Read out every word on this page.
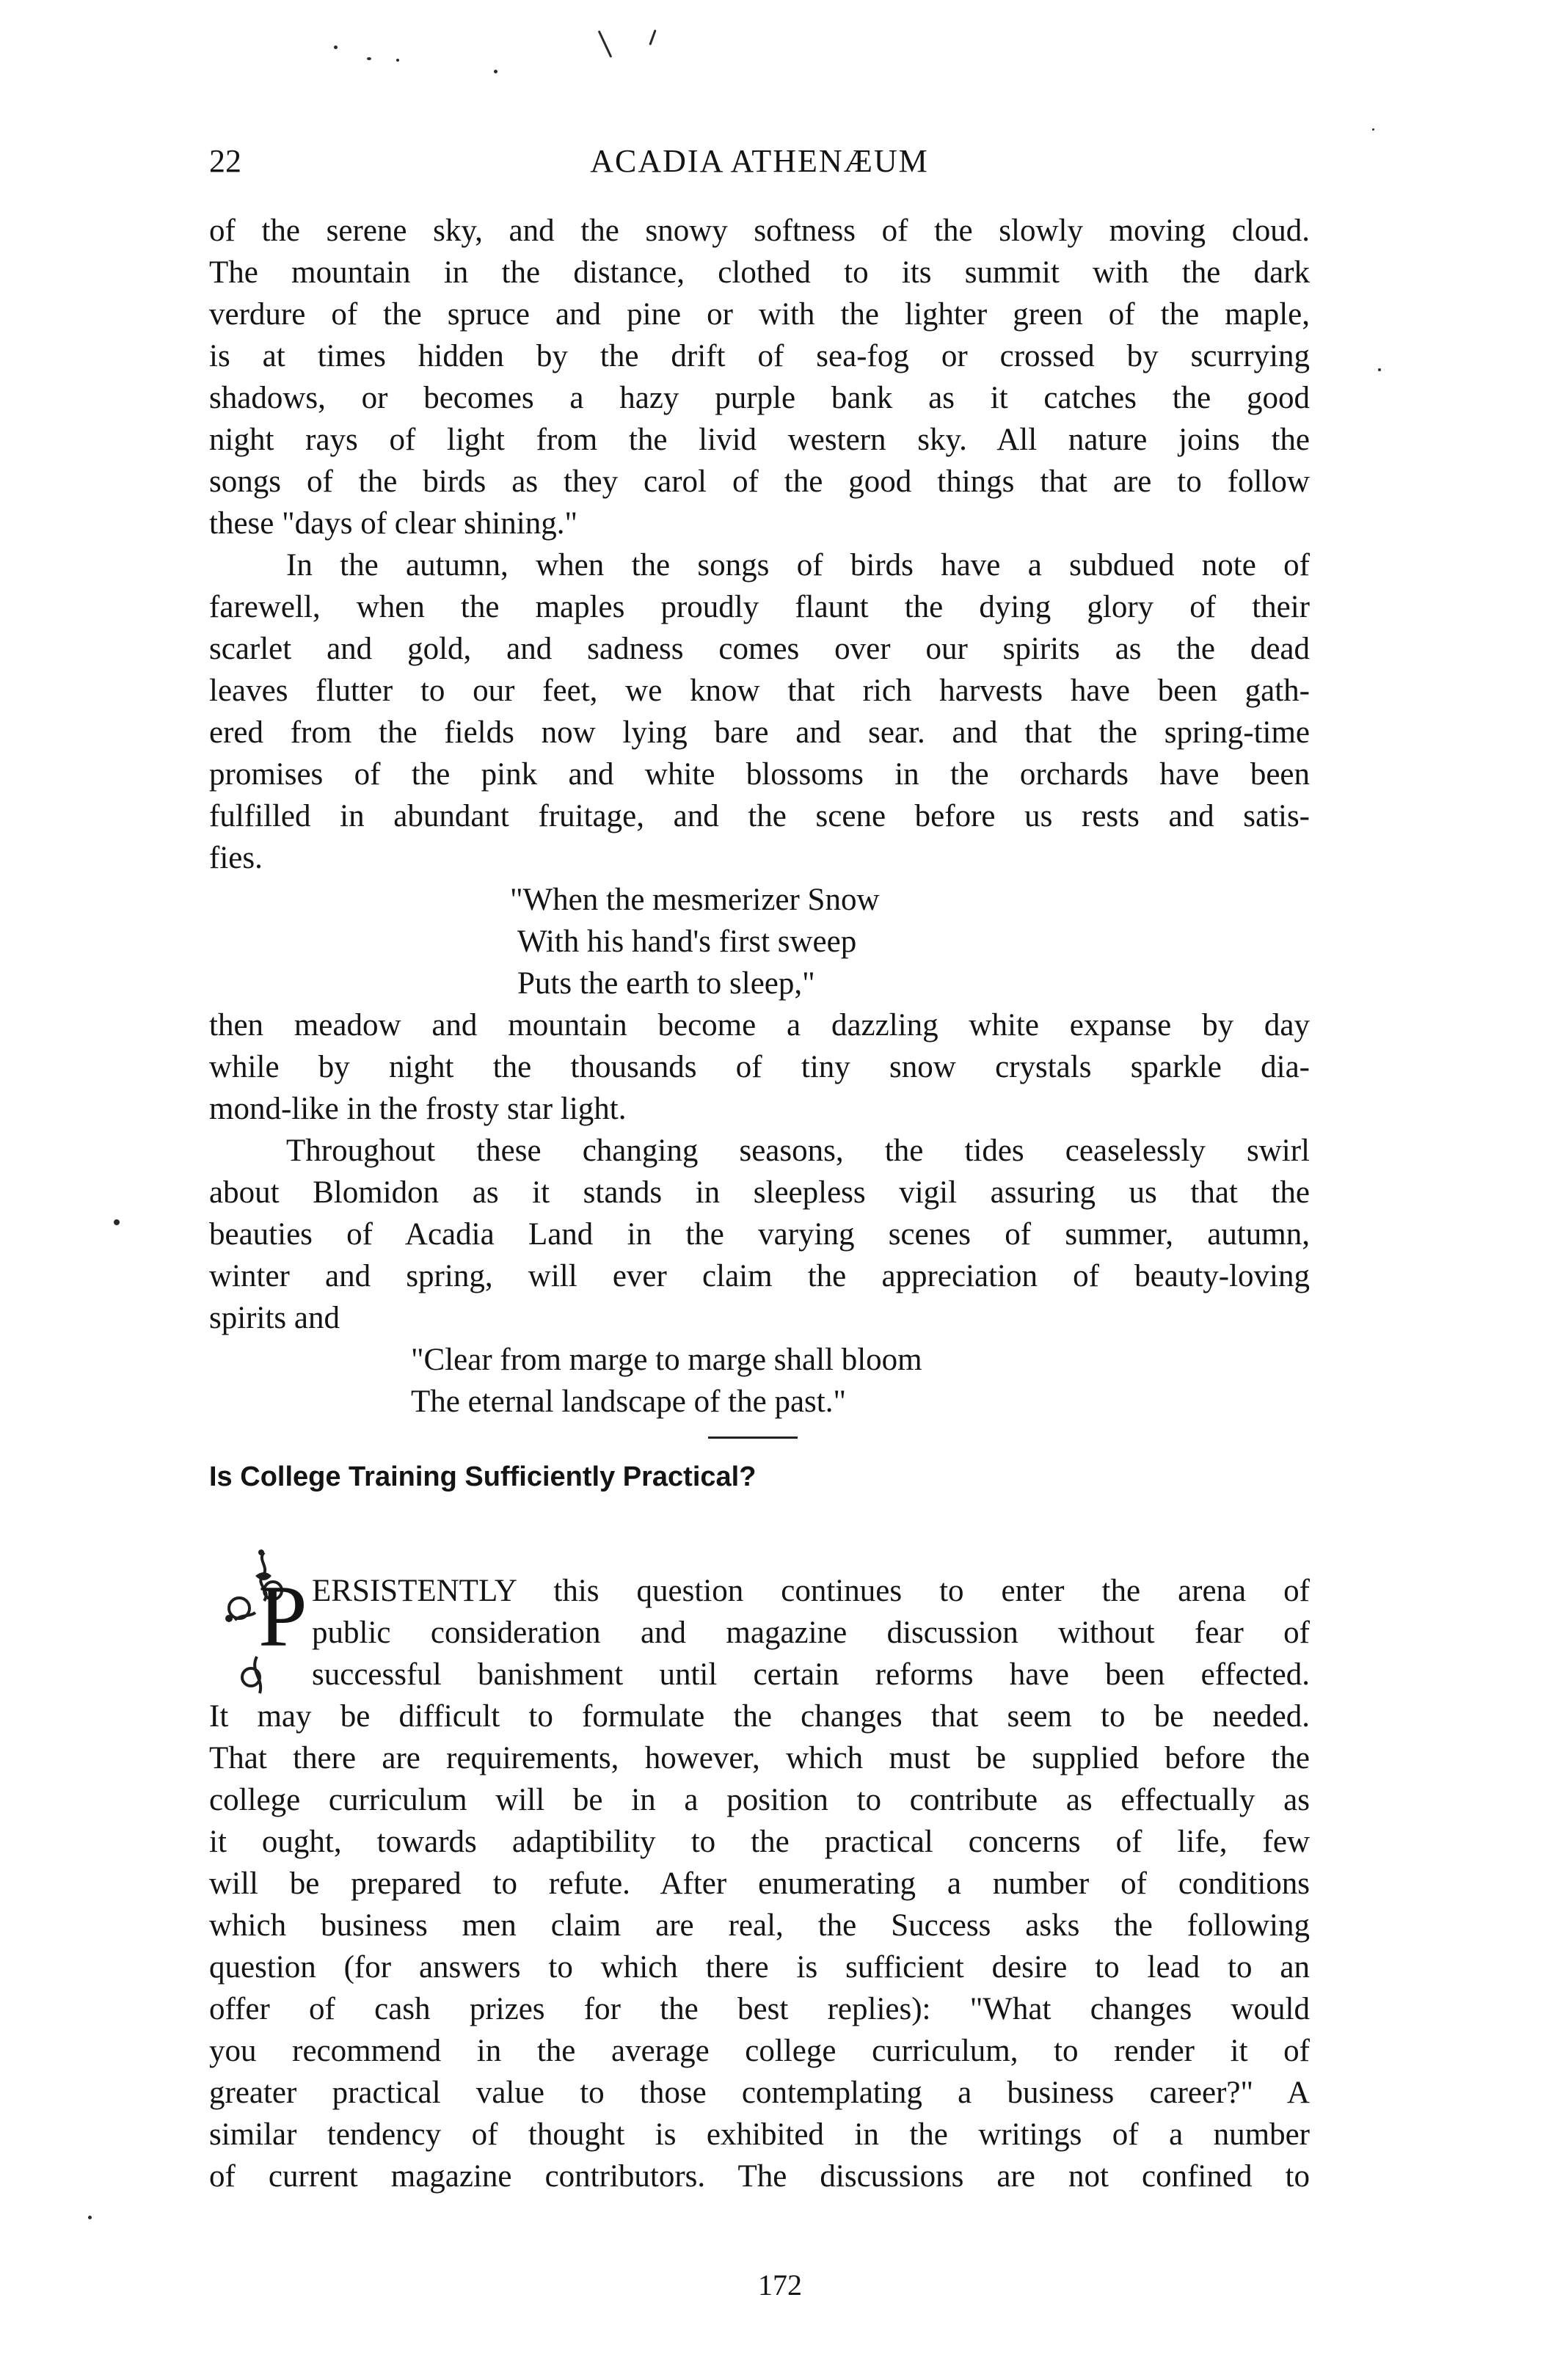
22	ACADIA ATHENÆUM
of the serene sky, and the snowy softness of the slowly moving cloud.
The mountain in the distance, clothed to its summit with the dark
verdure of the spruce and pine or with the lighter green of the maple,
is at times hidden by the drift of sea-fog or crossed by scurrying
shadows, or becomes a hazy purple bank as it catches the good
night rays of light from the livid western sky. All nature joins the
songs of the birds as they carol of the good things that are to follow
these "days of clear shining."
In the autumn, when the songs of birds have a subdued note of
farewell, when the maples proudly flaunt the dying glory of their
scarlet and gold, and sadness comes over our spirits as the dead
leaves flutter to our feet, we know that rich harvests have been gath-
ered from the fields now lying bare and sear. and that the spring-time
promises of the pink and white blossoms in the orchards have been
fulfilled in abundant fruitage, and the scene before us rests and satis-
fies.
"When the mesmerizer Snow
With his hand's first sweep
Puts the earth to sleep,"
then meadow and mountain become a dazzling white expanse by day
while by night the thousands of tiny snow crystals sparkle dia-
mond-like in the frosty star light.
Throughout these changing seasons, the tides ceaselessly swirl
about Blomidon as it stands in sleepless vigil assuring us that the
beauties of Acadia Land in the varying scenes of summer, autumn,
winter and spring, will ever claim the appreciation of beauty-loving
spirits and
"Clear from marge to marge shall bloom
The eternal landscape of the past."
Is College Training Sufficiently Practical?
P ERSISTENTLY this question continues to enter the arena of
public consideration and magazine discussion without fear of
successful banishment until certain reforms have been effected.
It may be difficult to formulate the changes that seem to be needed.
That there are requirements, however, which must be supplied before the
college curriculum will be in a position to contribute as effectually as
it ought, towards adaptibility to the practical concerns of life, few
will be prepared to refute. After enumerating a number of conditions
which business men claim are real, the Success asks the following
question (for answers to which there is sufficient desire to lead to an
offer of cash prizes for the best replies): "What changes would
you recommend in the average college curriculum, to render it of
greater practical value to those contemplating a business career?" A
similar tendency of thought is exhibited in the writings of a number
of current magazine contributors. The discussions are not confined to
172
